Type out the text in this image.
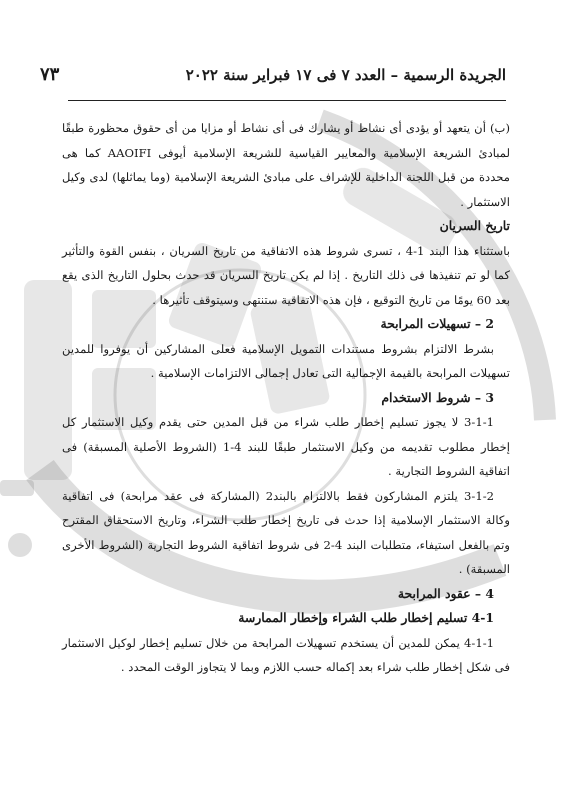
٧٣	الجريدة الرسمية – العدد ٧ فى ١٧ فبراير سنة ٢٠٢٢

(ب) أن يتعهد أو يؤدى أى نشاط أو يشارك فى أى نشاط أو مزايا من أى حقوق محظورة طبقًا لمبادئ الشريعة الإسلامية والمعايير القياسية للشريعة الإسلامية أيوفى AAOIFI كما هى محددة من قبل اللجنة الداخلية للإشراف على مبادئ الشريعة الإسلامية (وما يماثلها) لدى وكيل الاستثمار .

تاريخ السريان

باستثناء هذا البند 1-4 ، تسرى شروط هذه الاتفاقية من تاريخ السريان ، بنفس القوة والتأثير كما لو تم تنفيذها فى ذلك التاريخ . إذا لم يكن تاريخ السريان قد حدث بحلول التاريخ الذى يقع بعد 60 يومًا من تاريخ التوقيع ، فإن هذه الاتفاقية ستنتهى وسيتوقف تأثيرها .

2 – تسهيلات المرابحة

بشرط الالتزام بشروط مستندات التمويل الإسلامية فعلى المشاركين أن يوفروا للمدين تسهيلات المرابحة بالقيمة الإجمالية التى تعادل إجمالى الالتزامات الإسلامية .

3 – شروط الاستخدام

3-1-1 لا يجوز تسليم إخطار طلب شراء من قبل المدين حتى يقدم وكيل الاستثمار كل إخطار مطلوب تقديمه من وكيل الاستثمار طبقًا للبند 4-1 (الشروط الأصلية المسبقة) فى اتفاقية الشروط التجارية .

3-1-2 يلتزم المشاركون فقط بالالتزام بالبند2 (المشاركة فى عقد مرابحة) فى اتفاقية وكالة الاستثمار الإسلامية إذا حدث فى تاريخ إخطار طلب الشراء، وتاريخ الاستحقاق المقترح وتم بالفعل استيفاء، متطلبات البند 4-2 فى شروط اتفاقية الشروط التجارية (الشروط الأخرى المسبقة) .

4 – عقود المرابحة
4-1 تسليم إخطار طلب الشراء وإخطار الممارسة

4-1-1 يمكن للمدين أن يستخدم تسهيلات المرابحة من خلال تسليم إخطار لوكيل الاستثمار فى شكل إخطار طلب شراء بعد إكماله حسب اللازم وبما لا يتجاوز الوقت المحدد .
